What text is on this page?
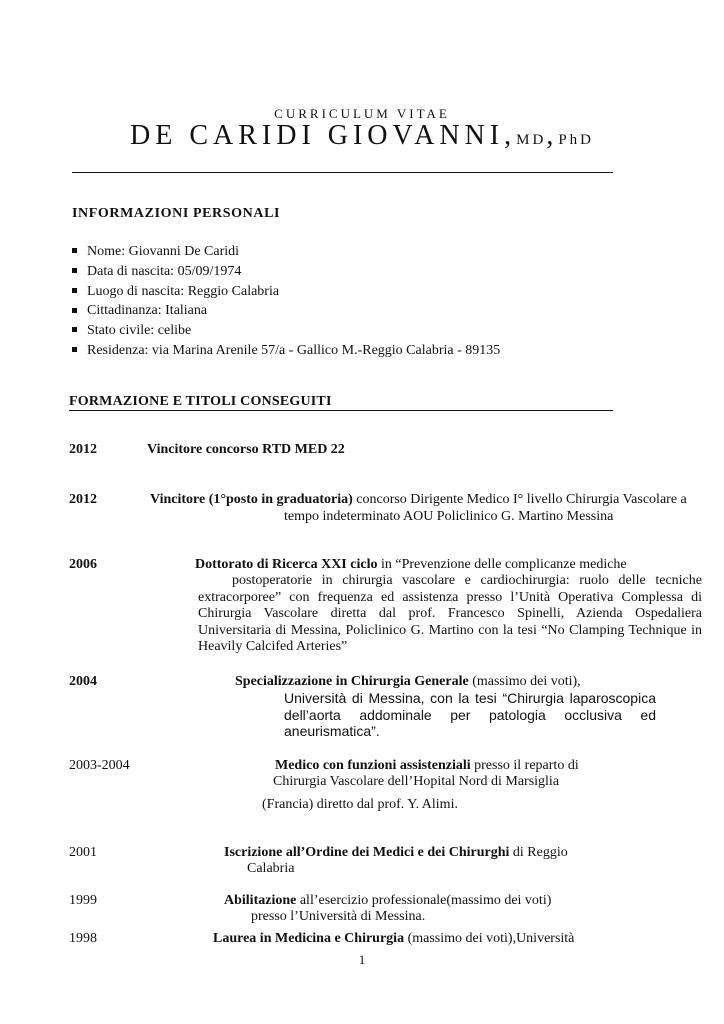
CURRICULUM VITAE
DE CARIDI GIOVANNI,MD,PhD
INFORMAZIONI PERSONALI
Nome: Giovanni De Caridi
Data di nascita: 05/09/1974
Luogo di nascita: Reggio Calabria
Cittadinanza: Italiana
Stato civile: celibe
Residenza: via Marina Arenile 57/a - Gallico M.-Reggio Calabria - 89135
FORMAZIONE E TITOLI CONSEGUITI
2012	Vincitore concorso RTD MED 22
2012	Vincitore (1°posto in graduatoria) concorso Dirigente Medico I° livello Chirurgia Vascolare a
tempo indeterminato AOU Policlinico G. Martino Messina
2006	Dottorato di Ricerca XXI ciclo in “Prevenzione delle complicanze mediche
postoperatorie in chirurgia vascolare e cardiochirurgia: ruolo delle tecniche extracorporee” con frequenza ed assistenza presso l’Unità Operativa Complessa di Chirurgia Vascolare diretta dal prof. Francesco Spinelli, Azienda Ospedaliera Universitaria di Messina, Policlinico G. Martino con la tesi “No Clamping Technique in Heavily Calcifed Arteries”
2004	Specializzazione in Chirurgia Generale (massimo dei voti),
Università di Messina, con la tesi “Chirurgia laparoscopica dell’aorta addominale per patologia occlusiva ed aneurismatica”.
2003-2004	Medico con funzioni assistenziali presso il reparto di
Chirurgia Vascolare dell’Hopital Nord di Marsiglia
(Francia) diretto dal prof. Y. Alimi.
2001	Iscrizione all’Ordine dei Medici e dei Chirurghi di Reggio
Calabria
1999	Abilitazione all’esercizio professionale(massimo dei voti)
presso l’Università di Messina.
1998	Laurea in Medicina e Chirurgia (massimo dei voti),Università
1
